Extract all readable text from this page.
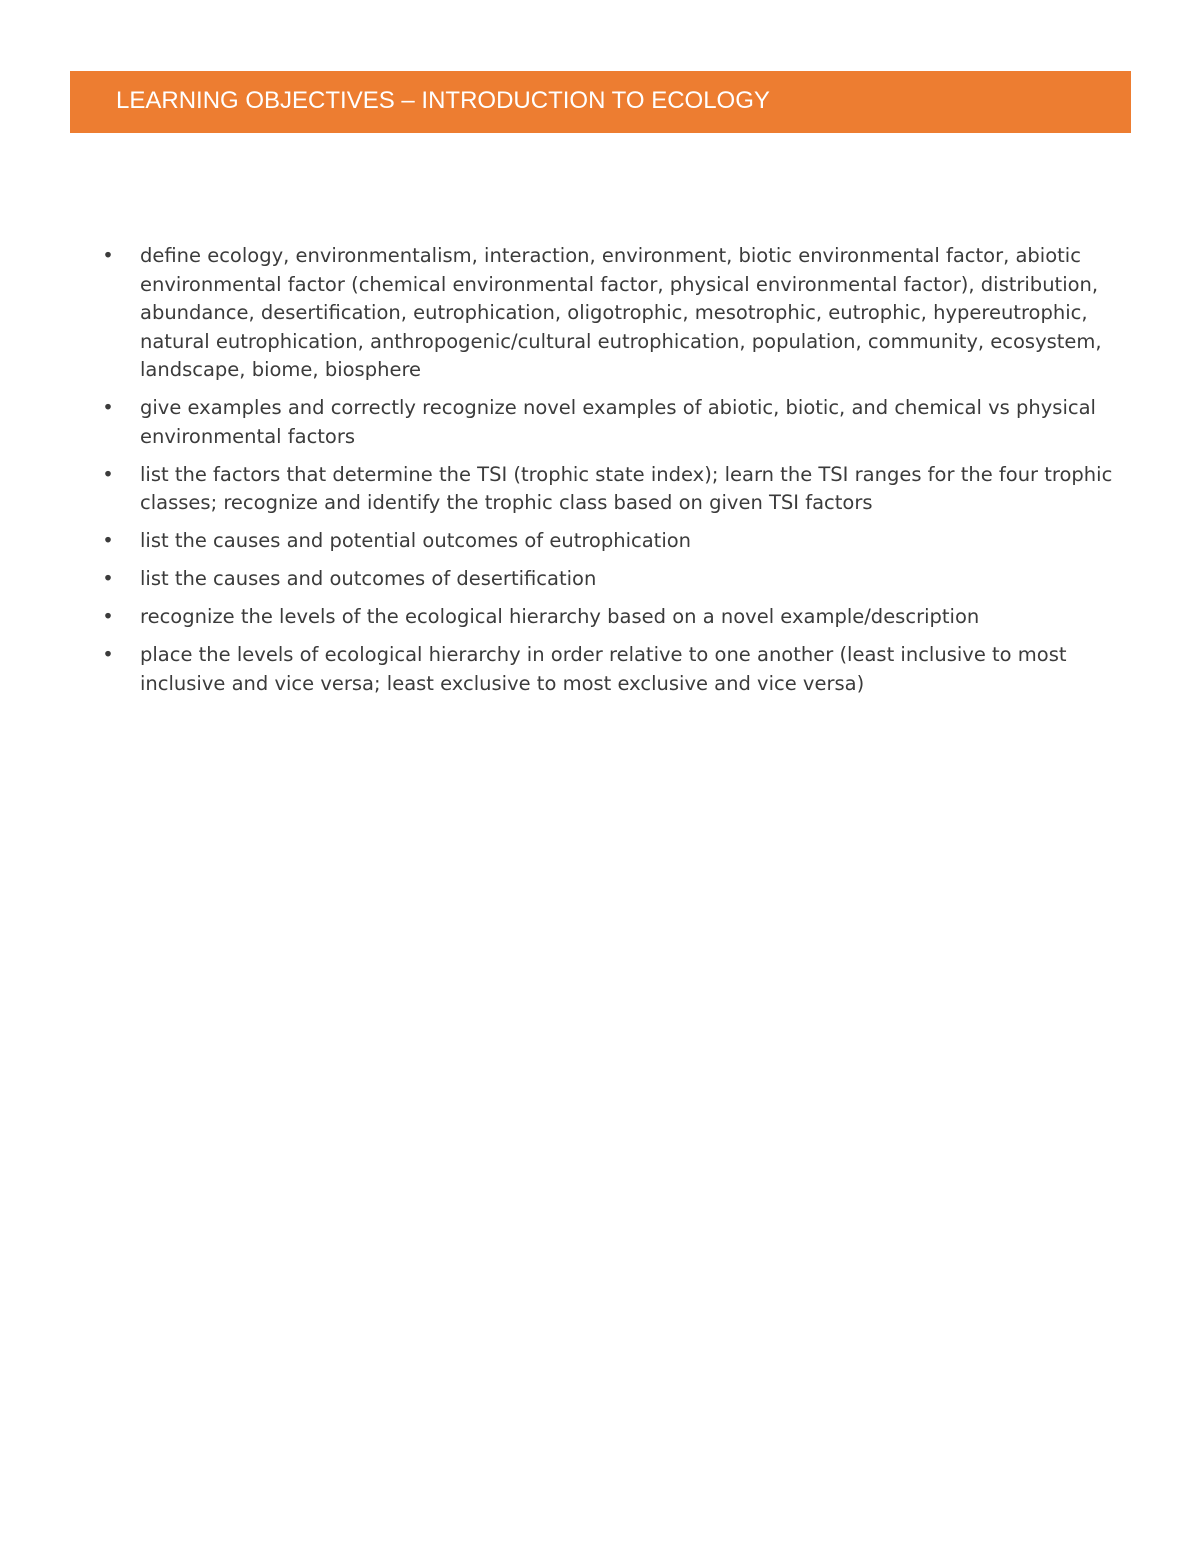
LEARNING OBJECTIVES – INTRODUCTION TO ECOLOGY
• define ecology, environmentalism, interaction, environment, biotic environmental factor, abiotic environmental factor (chemical environmental factor, physical environmental factor), distribution, abundance, desertification, eutrophication, oligotrophic, mesotrophic, eutrophic, hypereutrophic, natural eutrophication, anthropogenic/cultural eutrophication, population, community, ecosystem, landscape, biome, biosphere
• give examples and correctly recognize novel examples of abiotic, biotic, and chemical vs physical environmental factors
• list the factors that determine the TSI (trophic state index); learn the TSI ranges for the four trophic classes; recognize and identify the trophic class based on given TSI factors
• list the causes and potential outcomes of eutrophication
• list the causes and outcomes of desertification
• recognize the levels of the ecological hierarchy based on a novel example/description
• place the levels of ecological hierarchy in order relative to one another (least inclusive to most inclusive and vice versa; least exclusive to most exclusive and vice versa)
